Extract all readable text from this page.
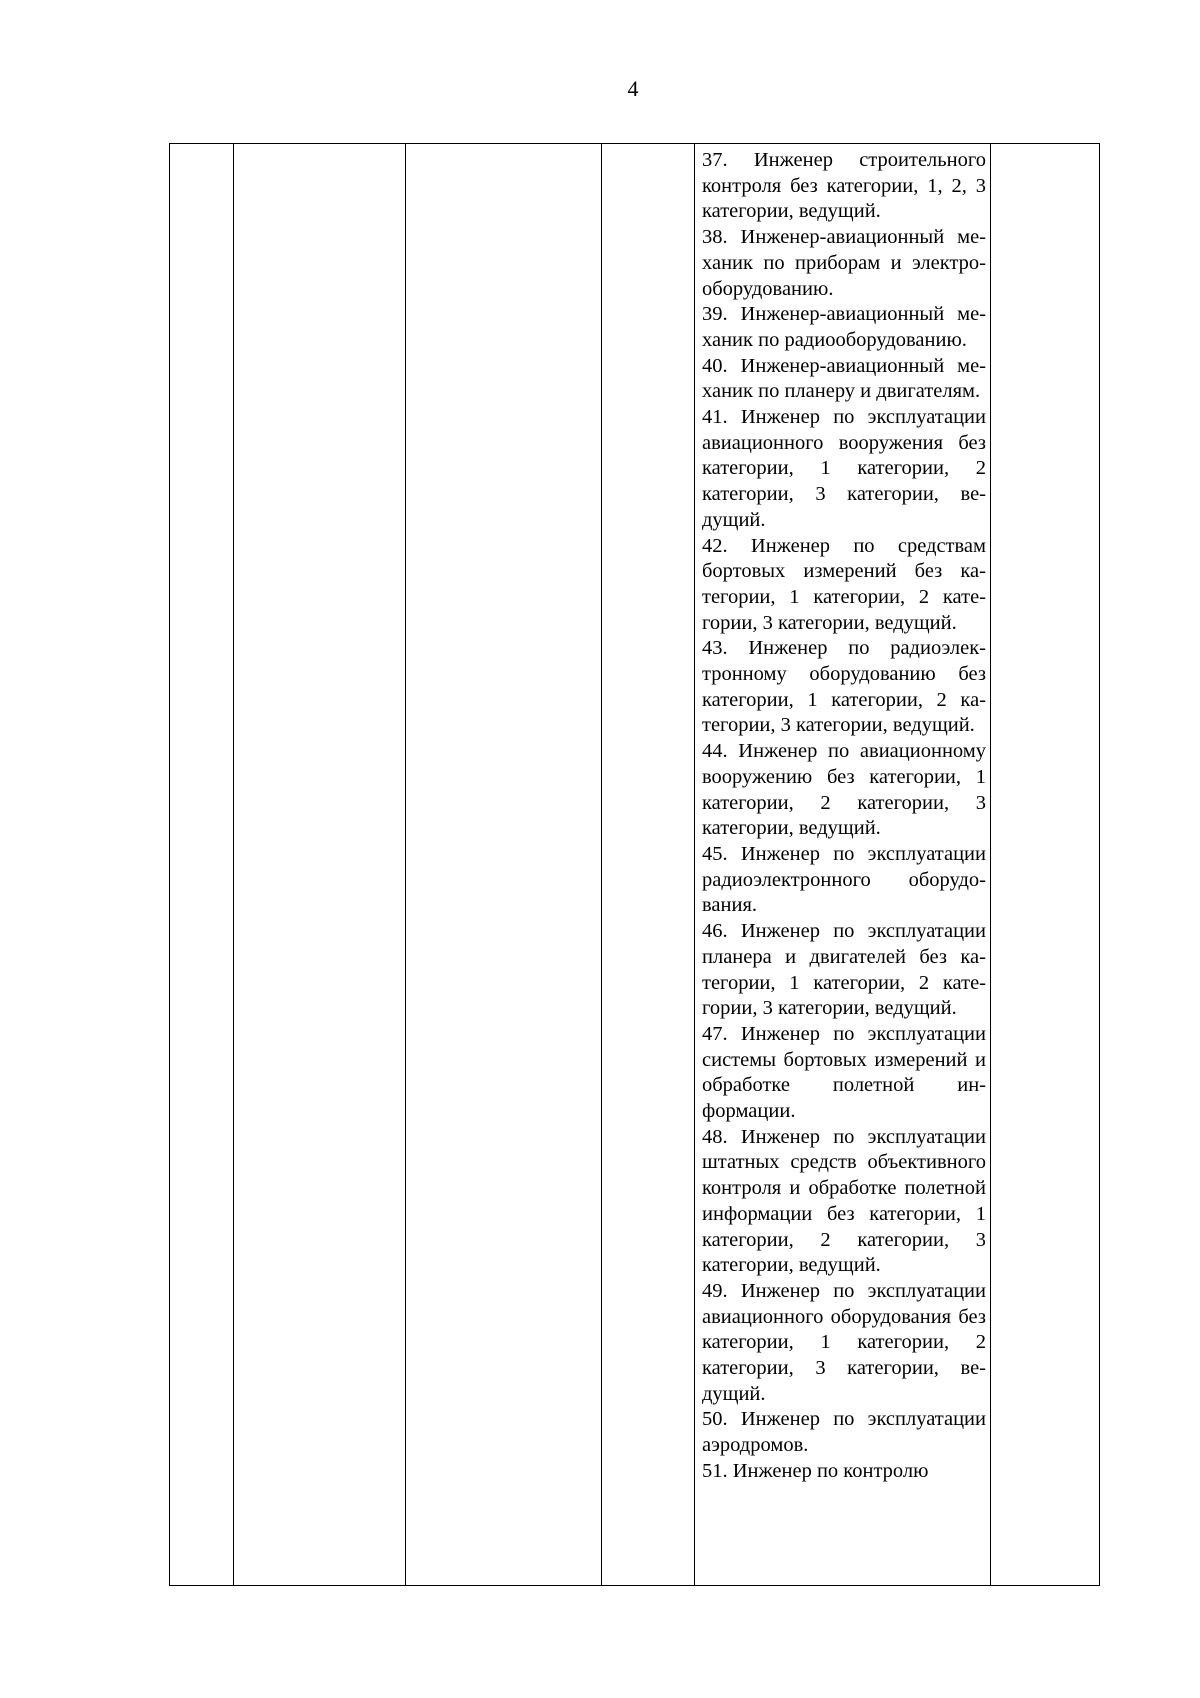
4

37. Инженер строительного контроля без категории, 1, 2, 3 категории, ведущий.
38. Инженер-авиационный механик по приборам и электрооборудованию.
39. Инженер-авиационный механик по радиооборудованию.
40. Инженер-авиационный механик по планеру и двигателям.
41. Инженер по эксплуатации авиационного вооружения без категории, 1 категории, 2 категории, 3 категории, ведущий.
42. Инженер по средствам бортовых измерений без категории, 1 категории, 2 категории, 3 категории, ведущий.
43. Инженер по радиоэлектронному оборудованию без категории, 1 категории, 2 категории, 3 категории, ведущий.
44. Инженер по авиационному вооружению без категории, 1 категории, 2 категории, 3 категории, ведущий.
45. Инженер по эксплуатации радиоэлектронного оборудования.
46. Инженер по эксплуатации планера и двигателей без категории, 1 категории, 2 категории, 3 категории, ведущий.
47. Инженер по эксплуатации системы бортовых измерений и обработке полетной информации.
48. Инженер по эксплуатации штатных средств объективного контроля и обработке полетной информации без категории, 1 категории, 2 категории, 3 категории, ведущий.
49. Инженер по эксплуатации авиационного оборудования без категории, 1 категории, 2 категории, 3 категории, ведущий.
50. Инженер по эксплуатации аэродромов.
51. Инженер по контролю
